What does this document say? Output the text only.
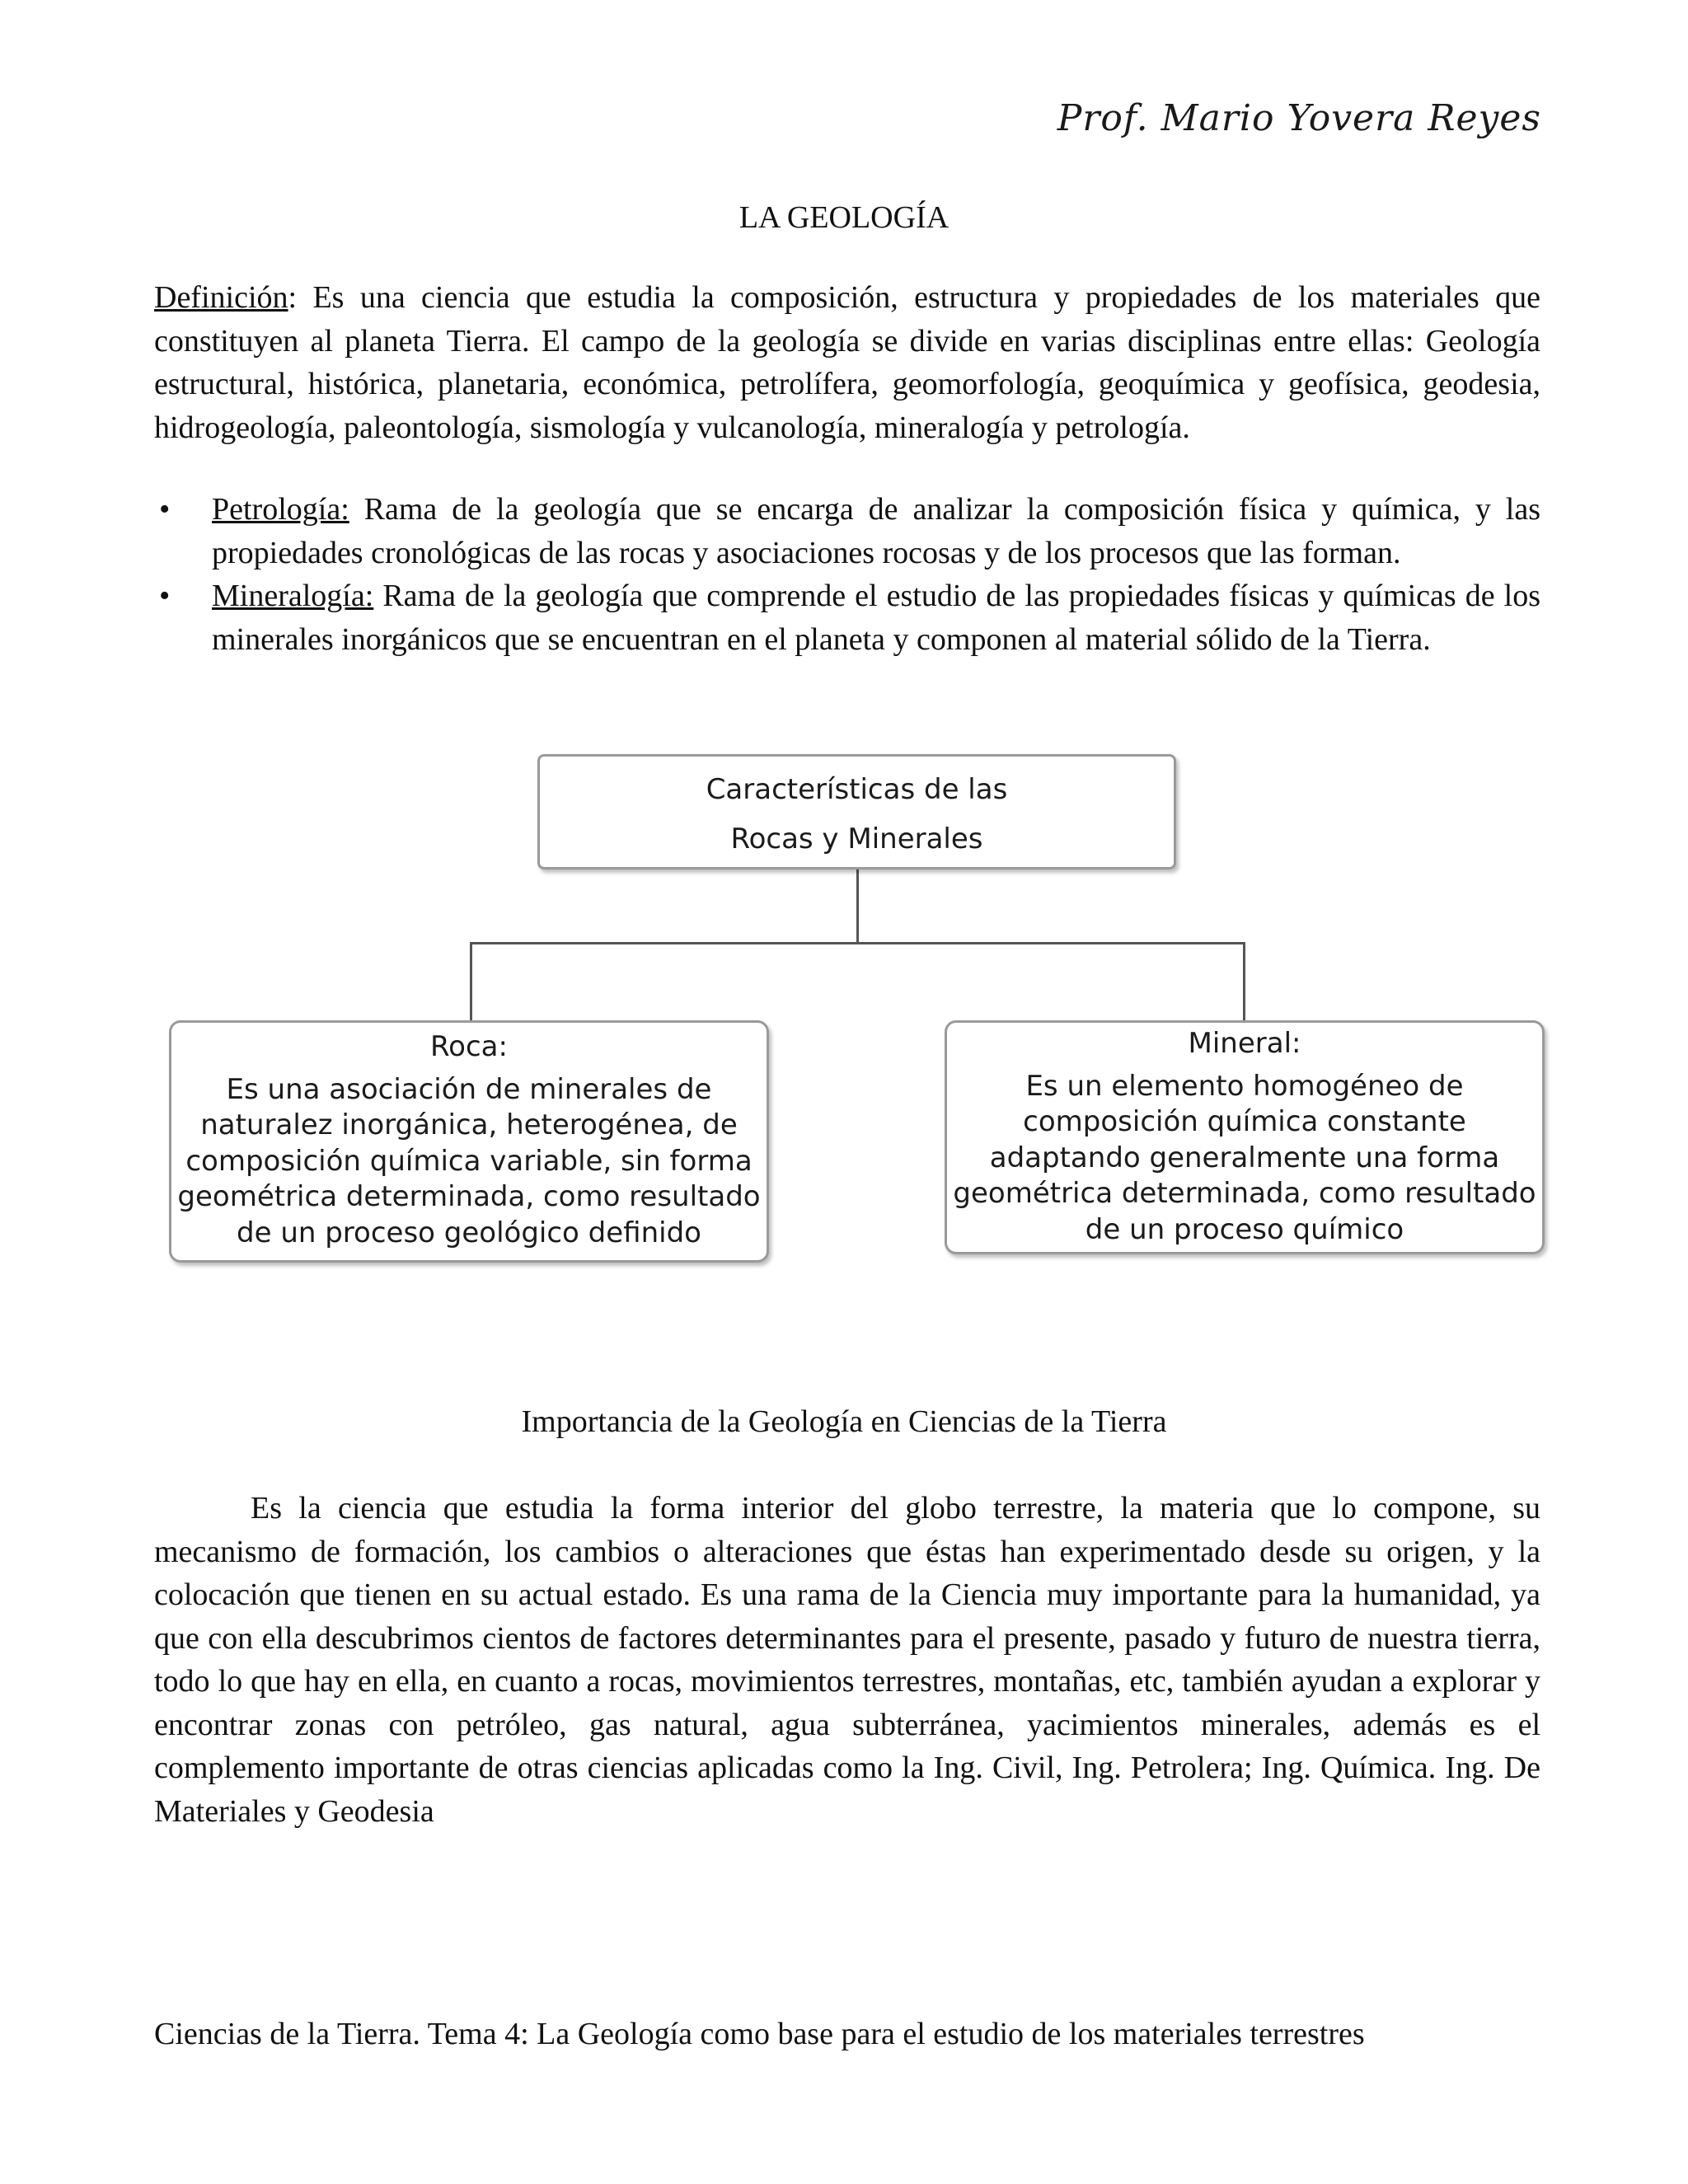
Prof. Mario Yovera Reyes
LA GEOLOGÍA

Definición: Es una ciencia que estudia la composición, estructura y propiedades de los materiales que constituyen al planeta Tierra. El campo de la geología se divide en varias disciplinas entre ellas: Geología estructural, histórica, planetaria, económica, petrolífera, geomorfología, geoquímica y geofísica, geodesia, hidrogeología, paleontología, sismología y vulcanología, mineralogía y petrología.

• Petrología: Rama de la geología que se encarga de analizar la composición física y química, y las propiedades cronológicas de las rocas y asociaciones rocosas y de los procesos que las forman.
• Mineralogía: Rama de la geología que comprende el estudio de las propiedades físicas y químicas de los minerales inorgánicos que se encuentran en el planeta y componen al material sólido de la Tierra.
Características de las
Rocas y Minerales
Roca:
Es una asociación de minerales de
naturalez inorgánica, heterogénea, de
composición química variable, sin forma
geométrica determinada, como resultado
de un proceso geológico definido
Mineral:
Es un elemento homogéneo de
composición química constante
adaptando generalmente una forma
geométrica determinada, como resultado
de un proceso químico
Importancia de la Geología en Ciencias de la Tierra

Es la ciencia que estudia la forma interior del globo terrestre, la materia que lo compone, su mecanismo de formación, los cambios o alteraciones que éstas han experimentado desde su origen, y la colocación que tienen en su actual estado. Es una rama de la Ciencia muy importante para la humanidad, ya que con ella descubrimos cientos de factores determinantes para el presente, pasado y futuro de nuestra tierra, todo lo que hay en ella, en cuanto a rocas, movimientos terrestres, montañas, etc, también ayudan a explorar y encontrar zonas con petróleo, gas natural, agua subterránea, yacimientos minerales, además es el complemento importante de otras ciencias aplicadas como la Ing. Civil, Ing. Petrolera; Ing. Química. Ing. De Materiales y Geodesia

Ciencias de la Tierra. Tema 4: La Geología como base para el estudio de los materiales terrestres
